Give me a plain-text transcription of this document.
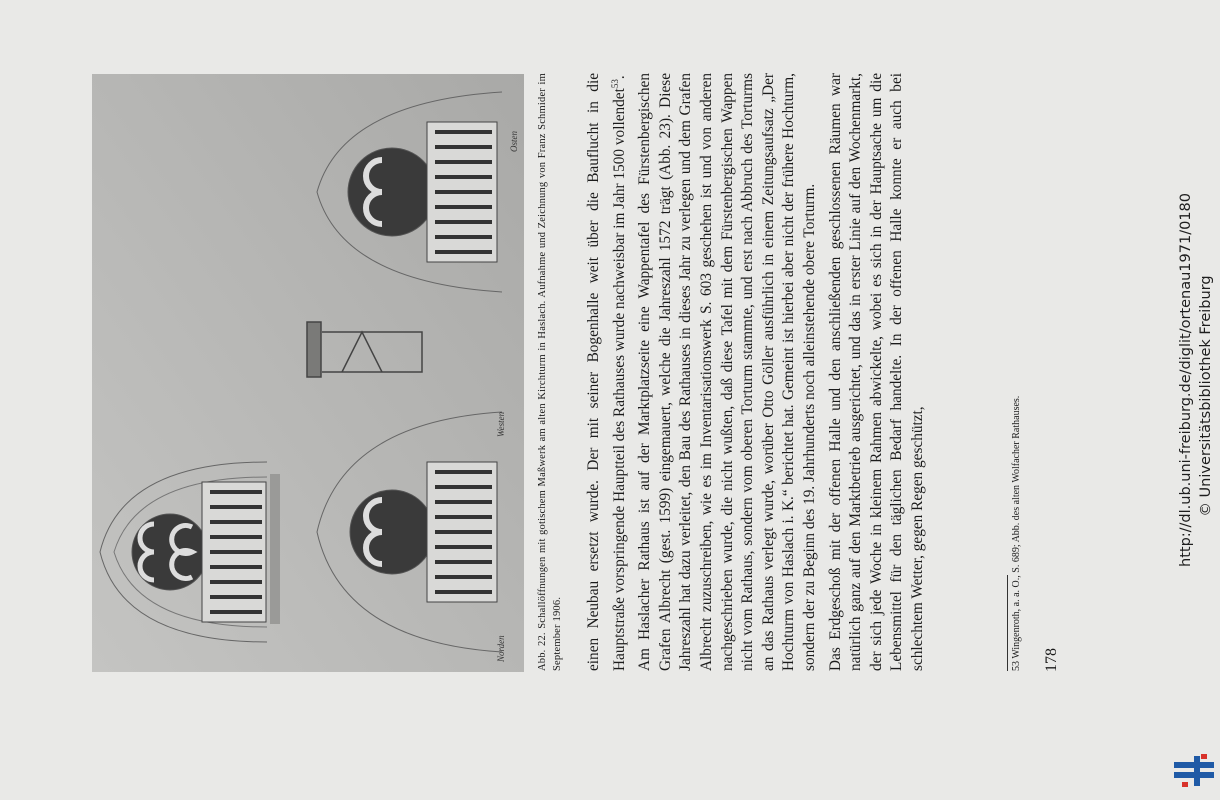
Norden
Westen
Osten Abb. 22. Schallöffnungen mit gotischem Maßwerk am alten Kirchturm in Haslach. Aufnahme und Zeichnung von Franz Schmider im September 1906. einen Neubau ersetzt wurde. Der mit seiner Bogenhalle weit über die Bauflucht in die Hauptstraße vorspringende Hauptteil des Rathauses wurde nachweisbar im Jahr 1500 vollendet$^{53}$. Am Haslacher Rathaus ist auf der Marktplatzseite eine Wappentafel des Fürstenbergischen Grafen Albrecht (gest. 1599) eingemauert, welche die Jahreszahl 1572 trägt (Abb. 23). Diese Jahreszahl hat dazu verleitet, den Bau des Rathauses in dieses Jahr zu verlegen und dem Grafen Albrecht zuzuschreiben, wie es im Inventarisationswerk S. 603 geschehen ist und von anderen nachgeschrieben wurde, die nicht wußten, daß diese Tafel mit dem Fürstenbergischen Wappen nicht vom Rathaus, sondern vom oberen Torturm stammte, und erst nach Abbruch des Torturms an das Rathaus verlegt wurde, worüber Otto Göller ausführlich in einem Zeitungsaufsatz „Der Hochturm von Haslach i. K.“ berichtet hat. Gemeint ist hierbei aber nicht der frühere Hochturm, sondern der zu Beginn des 19. Jahrhunderts noch alleinstehende obere Torturm. Das Erdgeschoß mit der offenen Halle und den anschließenden geschlossenen Räumen war natürlich ganz auf den Marktbetrieb ausgerichtet, und das in erster Linie auf den Wochenmarkt, der sich jede Woche in kleinem Rahmen abwickelte, wobei es sich in der Hauptsache um die Lebensmittel für den täglichen Bedarf handelte. In der offenen Halle konnte er auch bei schlechtem Wetter, gegen Regen geschützt,	53 Wingenroth, a. a. O., S. 689; Abb. des alten Wolfacher Rathauses. 178
http://dl.ub.uni-freiburg.de/diglit/ortenau1971/0180 © Universitätsbibliothek Freiburg
